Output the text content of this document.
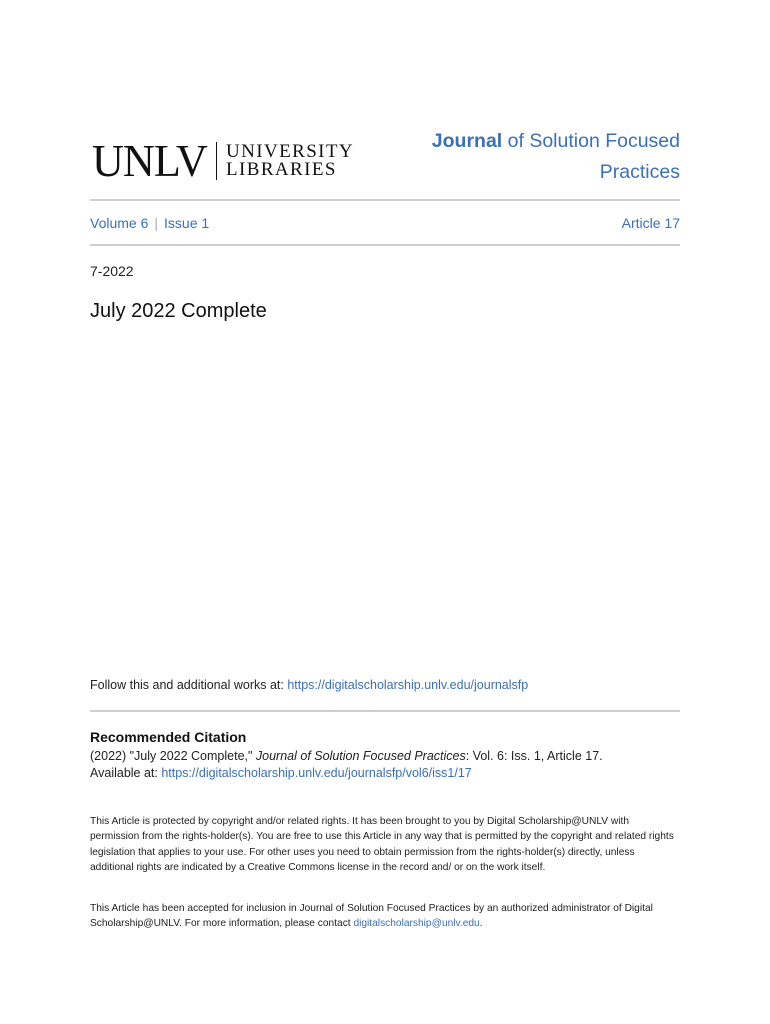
UNLV UNIVERSITY
LIBRARIES
Journal of Solution Focused
Practices
Volume 6 | Issue 1	Article 17
7-2022
July 2022 Complete
Follow this and additional works at: https://digitalscholarship.unlv.edu/journalsfp
Recommended Citation
(2022) "July 2022 Complete," Journal of Solution Focused Practices: Vol. 6: Iss. 1, Article 17.
Available at: https://digitalscholarship.unlv.edu/journalsfp/vol6/iss1/17
This Article is protected by copyright and/or related rights. It has been brought to you by Digital Scholarship@UNLV with permission from the rights-holder(s). You are free to use this Article in any way that is permitted by the copyright and related rights legislation that applies to your use. For other uses you need to obtain permission from the rights-holder(s) directly, unless additional rights are indicated by a Creative Commons license in the record and/ or on the work itself.
This Article has been accepted for inclusion in Journal of Solution Focused Practices by an authorized administrator of Digital Scholarship@UNLV. For more information, please contact digitalscholarship@unlv.edu.
